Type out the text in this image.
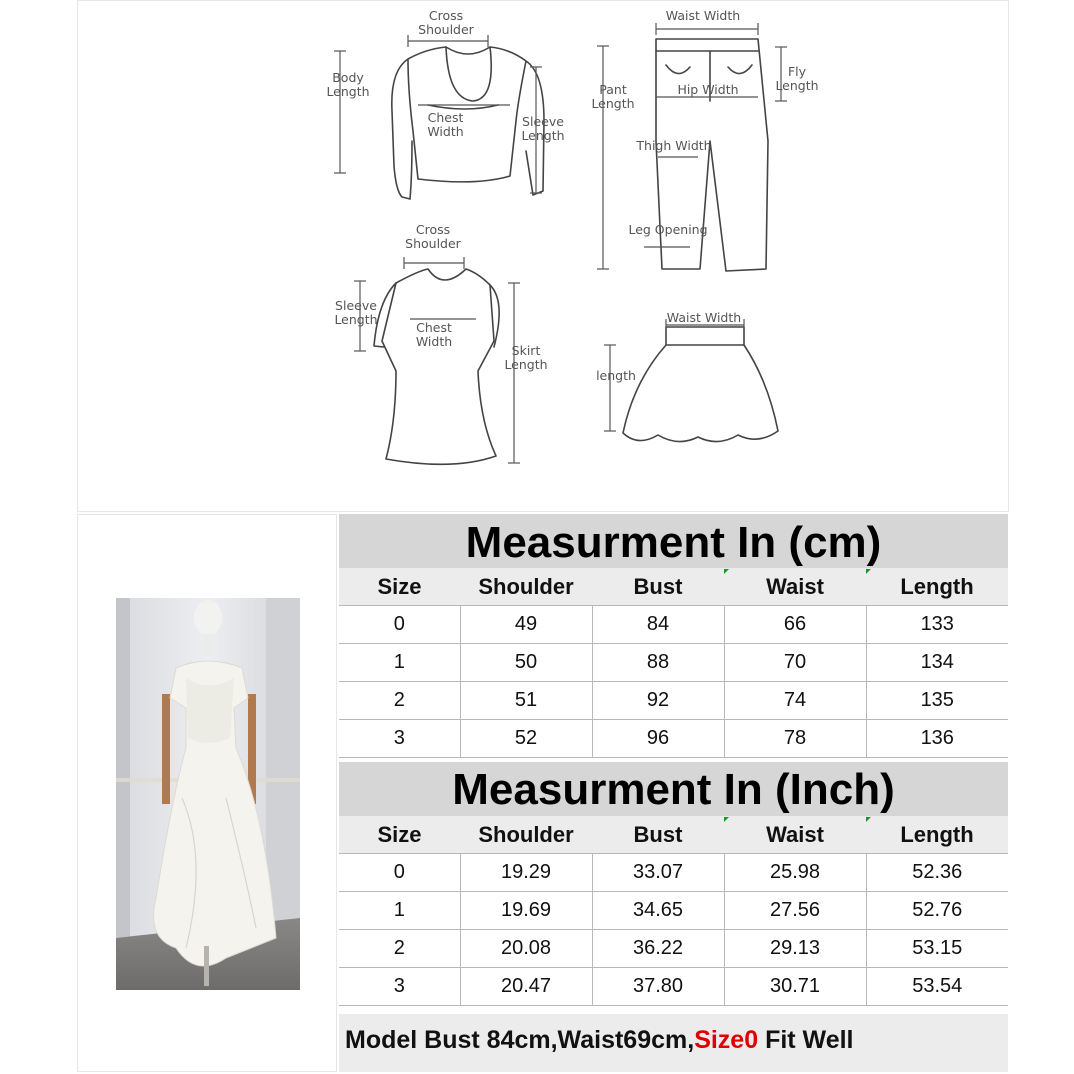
Cross
Shoulder
Body
Length
Chest
Width
Sleeve
Length
Waist Width
Pant
Length
Fly
Length
Hip Width
Thigh Width
Leg Opening
Cross
Shoulder
Sleeve
Length
Chest
Width
Skirt
Length
Waist Width
length
Measurment In (cm)
Size	Shoulder	Bust	Waist	Length
0	49	84	66	133
1	50	88	70	134
2	51	92	74	135
3	52	96	78	136
Measurment In (Inch)
Size	Shoulder	Bust	Waist	Length
0	19.29	33.07	25.98	52.36
1	19.69	34.65	27.56	52.76
2	20.08	36.22	29.13	53.15
3	20.47	37.80	30.71	53.54
Model Bust 84cm,Waist69cm,Size0 Fit Well
